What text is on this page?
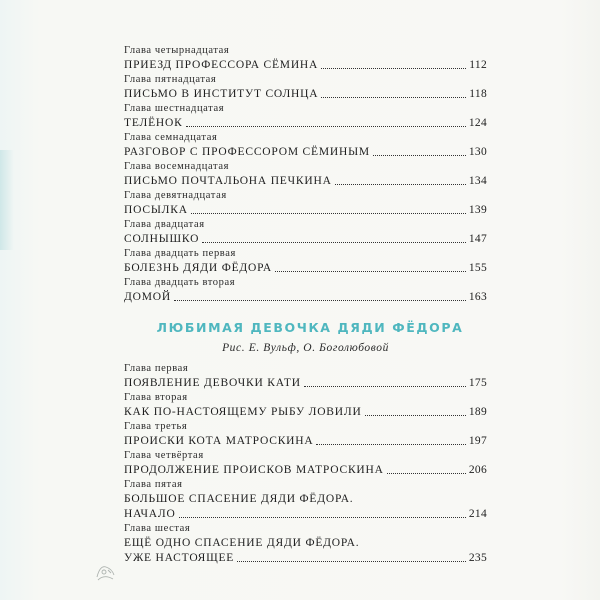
Глава четырнадцатая
ПРИЕЗД ПРОФЕССОРА СЁМИНА	112
Глава пятнадцатая
ПИСЬМО В ИНСТИТУТ СОЛНЦА	118
Глава шестнадцатая
ТЕЛЁНОК	124
Глава семнадцатая
РАЗГОВОР С ПРОФЕССОРОМ СЁМИНЫМ	130
Глава восемнадцатая
ПИСЬМО ПОЧТАЛЬОНА ПЕЧКИНА	134
Глава девятнадцатая
ПОСЫЛКА	139
Глава двадцатая
СОЛНЫШКО	147
Глава двадцать первая
БОЛЕЗНЬ ДЯДИ ФЁДОРА	155
Глава двадцать вторая
ДОМОЙ	163
ЛЮБИМАЯ ДЕВОЧКА ДЯДИ ФЁДОРА
Рис. Е. Вульф, О. Боголюбовой
Глава первая
ПОЯВЛЕНИЕ ДЕВОЧКИ КАТИ	175
Глава вторая
КАК ПО-НАСТОЯЩЕМУ РЫБУ ЛОВИЛИ	189
Глава третья
ПРОИСКИ КОТА МАТРОСКИНА	197
Глава четвёртая
ПРОДОЛЖЕНИЕ ПРОИСКОВ МАТРОСКИНА	206
Глава пятая
БОЛЬШОЕ СПАСЕНИЕ ДЯДИ ФЁДОРА.
НАЧАЛО	214
Глава шестая
ЕЩЁ ОДНО СПАСЕНИЕ ДЯДИ ФЁДОРА.
УЖЕ НАСТОЯЩЕЕ	235
